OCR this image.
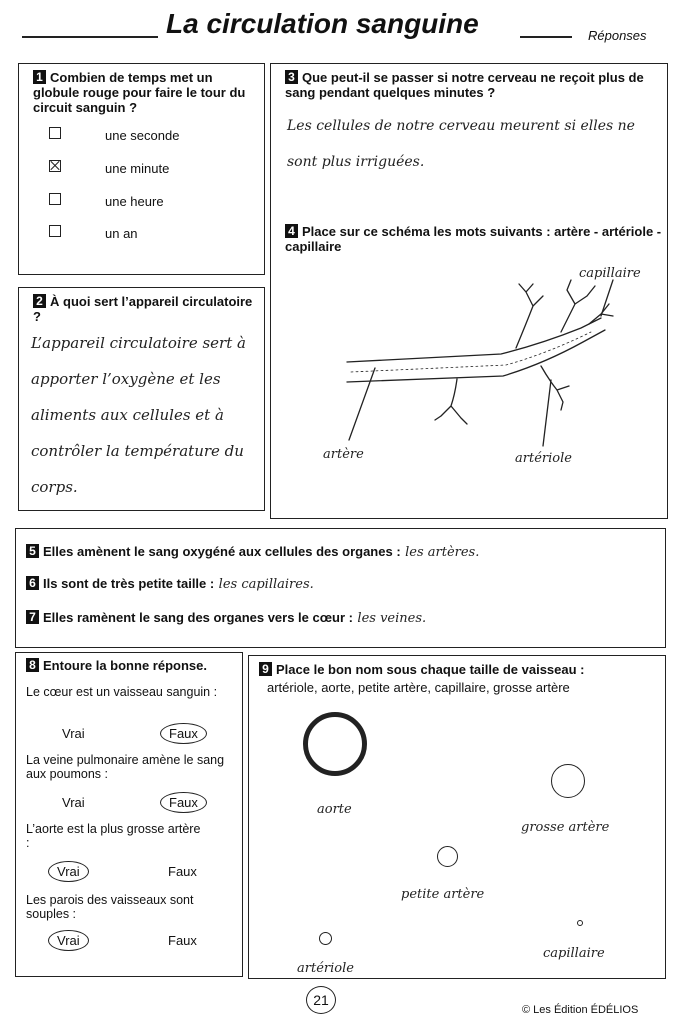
La circulation sanguine	Réponses
1 Combien de temps met un globule rouge pour faire le tour du circuit sanguin ?
une seconde
une minute
une heure
un an
2 À quoi sert l’appareil circulatoire ?
L’appareil circulatoire sert à
apporter l’oxygène et les
aliments aux cellules et à
contrôler la température du
corps.
3 Que peut-il se passer si notre cerveau ne reçoit plus de sang pendant quelques minutes ?
Les cellules de notre cerveau meurent si elles ne
sont plus irriguées.
4 Place sur ce schéma les mots suivants : artère - artériole - capillaire
capillaire
artère	artériole
5 Elles amènent le sang oxygéné aux cellules des organes : les artères.
6 Ils sont de très petite taille : les capillaires.
7 Elles ramènent le sang des organes vers le cœur : les veines.
8 Entoure la bonne réponse.
Le cœur est un vaisseau sanguin :
Vrai	Faux
La veine pulmonaire amène le sang aux poumons :
Vrai	Faux
L’aorte est la plus grosse artère :
Vrai	Faux
Les parois des vaisseaux sont souples :
Vrai	Faux
9 Place le bon nom sous chaque taille de vaisseau :
artériole, aorte, petite artère, capillaire, grosse artère
aorte
grosse artère
petite artère
artériole
capillaire
21
© Les Édition ÉDÉLIOS
